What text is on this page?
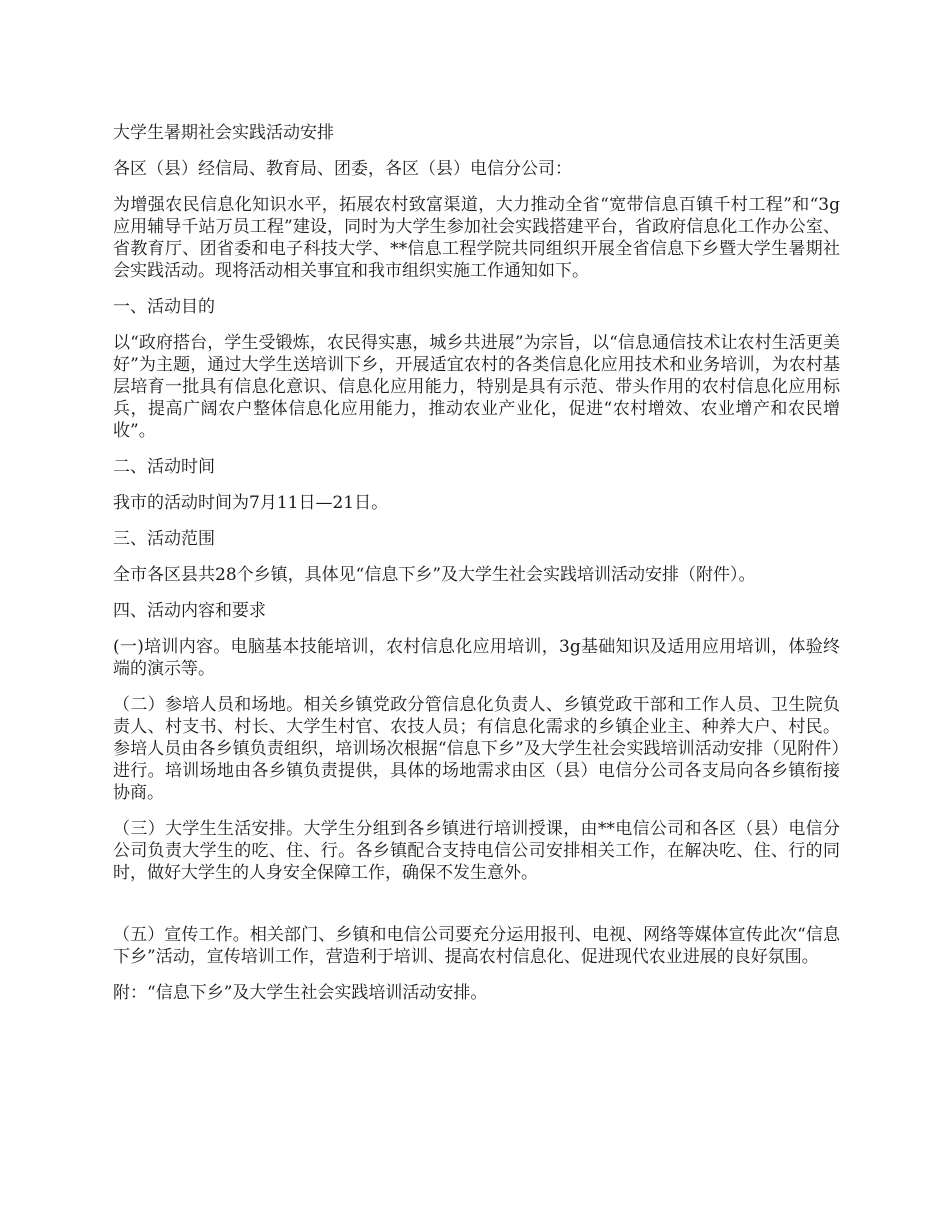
大学生暑期社会实践活动安排

各区（县）经信局、教育局、团委，各区（县）电信分公司：

为增强农民信息化知识水平，拓展农村致富渠道，大力推动全省“宽带信息百镇千村工程”和“3g应用辅导千站万员工程”建设，同时为大学生参加社会实践搭建平台，省政府信息化工作办公室、省教育厅、团省委和电子科技大学、**信息工程学院共同组织开展全省信息下乡暨大学生暑期社会实践活动。现将活动相关事宜和我市组织实施工作通知如下。

一、活动目的

以“政府搭台，学生受锻炼，农民得实惠，城乡共进展”为宗旨，以“信息通信技术让农村生活更美好”为主题，通过大学生送培训下乡，开展适宜农村的各类信息化应用技术和业务培训，为农村基层培育一批具有信息化意识、信息化应用能力，特别是具有示范、带头作用的农村信息化应用标兵，提高广阔农户整体信息化应用能力，推动农业产业化，促进“农村增效、农业增产和农民增收”。

二、活动时间

我市的活动时间为7月11日—21日。

三、活动范围

全市各区县共28个乡镇，具体见“信息下乡”及大学生社会实践培训活动安排（附件）。

四、活动内容和要求

(一)培训内容。电脑基本技能培训，农村信息化应用培训，3g基础知识及适用应用培训，体验终端的演示等。

（二）参培人员和场地。相关乡镇党政分管信息化负责人、乡镇党政干部和工作人员、卫生院负责人、村支书、村长、大学生村官、农技人员；有信息化需求的乡镇企业主、种养大户、村民。参培人员由各乡镇负责组织，培训场次根据“信息下乡”及大学生社会实践培训活动安排（见附件）进行。培训场地由各乡镇负责提供，具体的场地需求由区（县）电信分公司各支局向各乡镇衔接协商。

（三）大学生生活安排。大学生分组到各乡镇进行培训授课，由**电信公司和各区（县）电信分公司负责大学生的吃、住、行。各乡镇配合支持电信公司安排相关工作，在解决吃、住、行的同时，做好大学生的人身安全保障工作，确保不发生意外。

（五）宣传工作。相关部门、乡镇和电信公司要充分运用报刊、电视、网络等媒体宣传此次“信息下乡”活动，宣传培训工作，营造利于培训、提高农村信息化、促进现代农业进展的良好氛围。

附：“信息下乡”及大学生社会实践培训活动安排。
